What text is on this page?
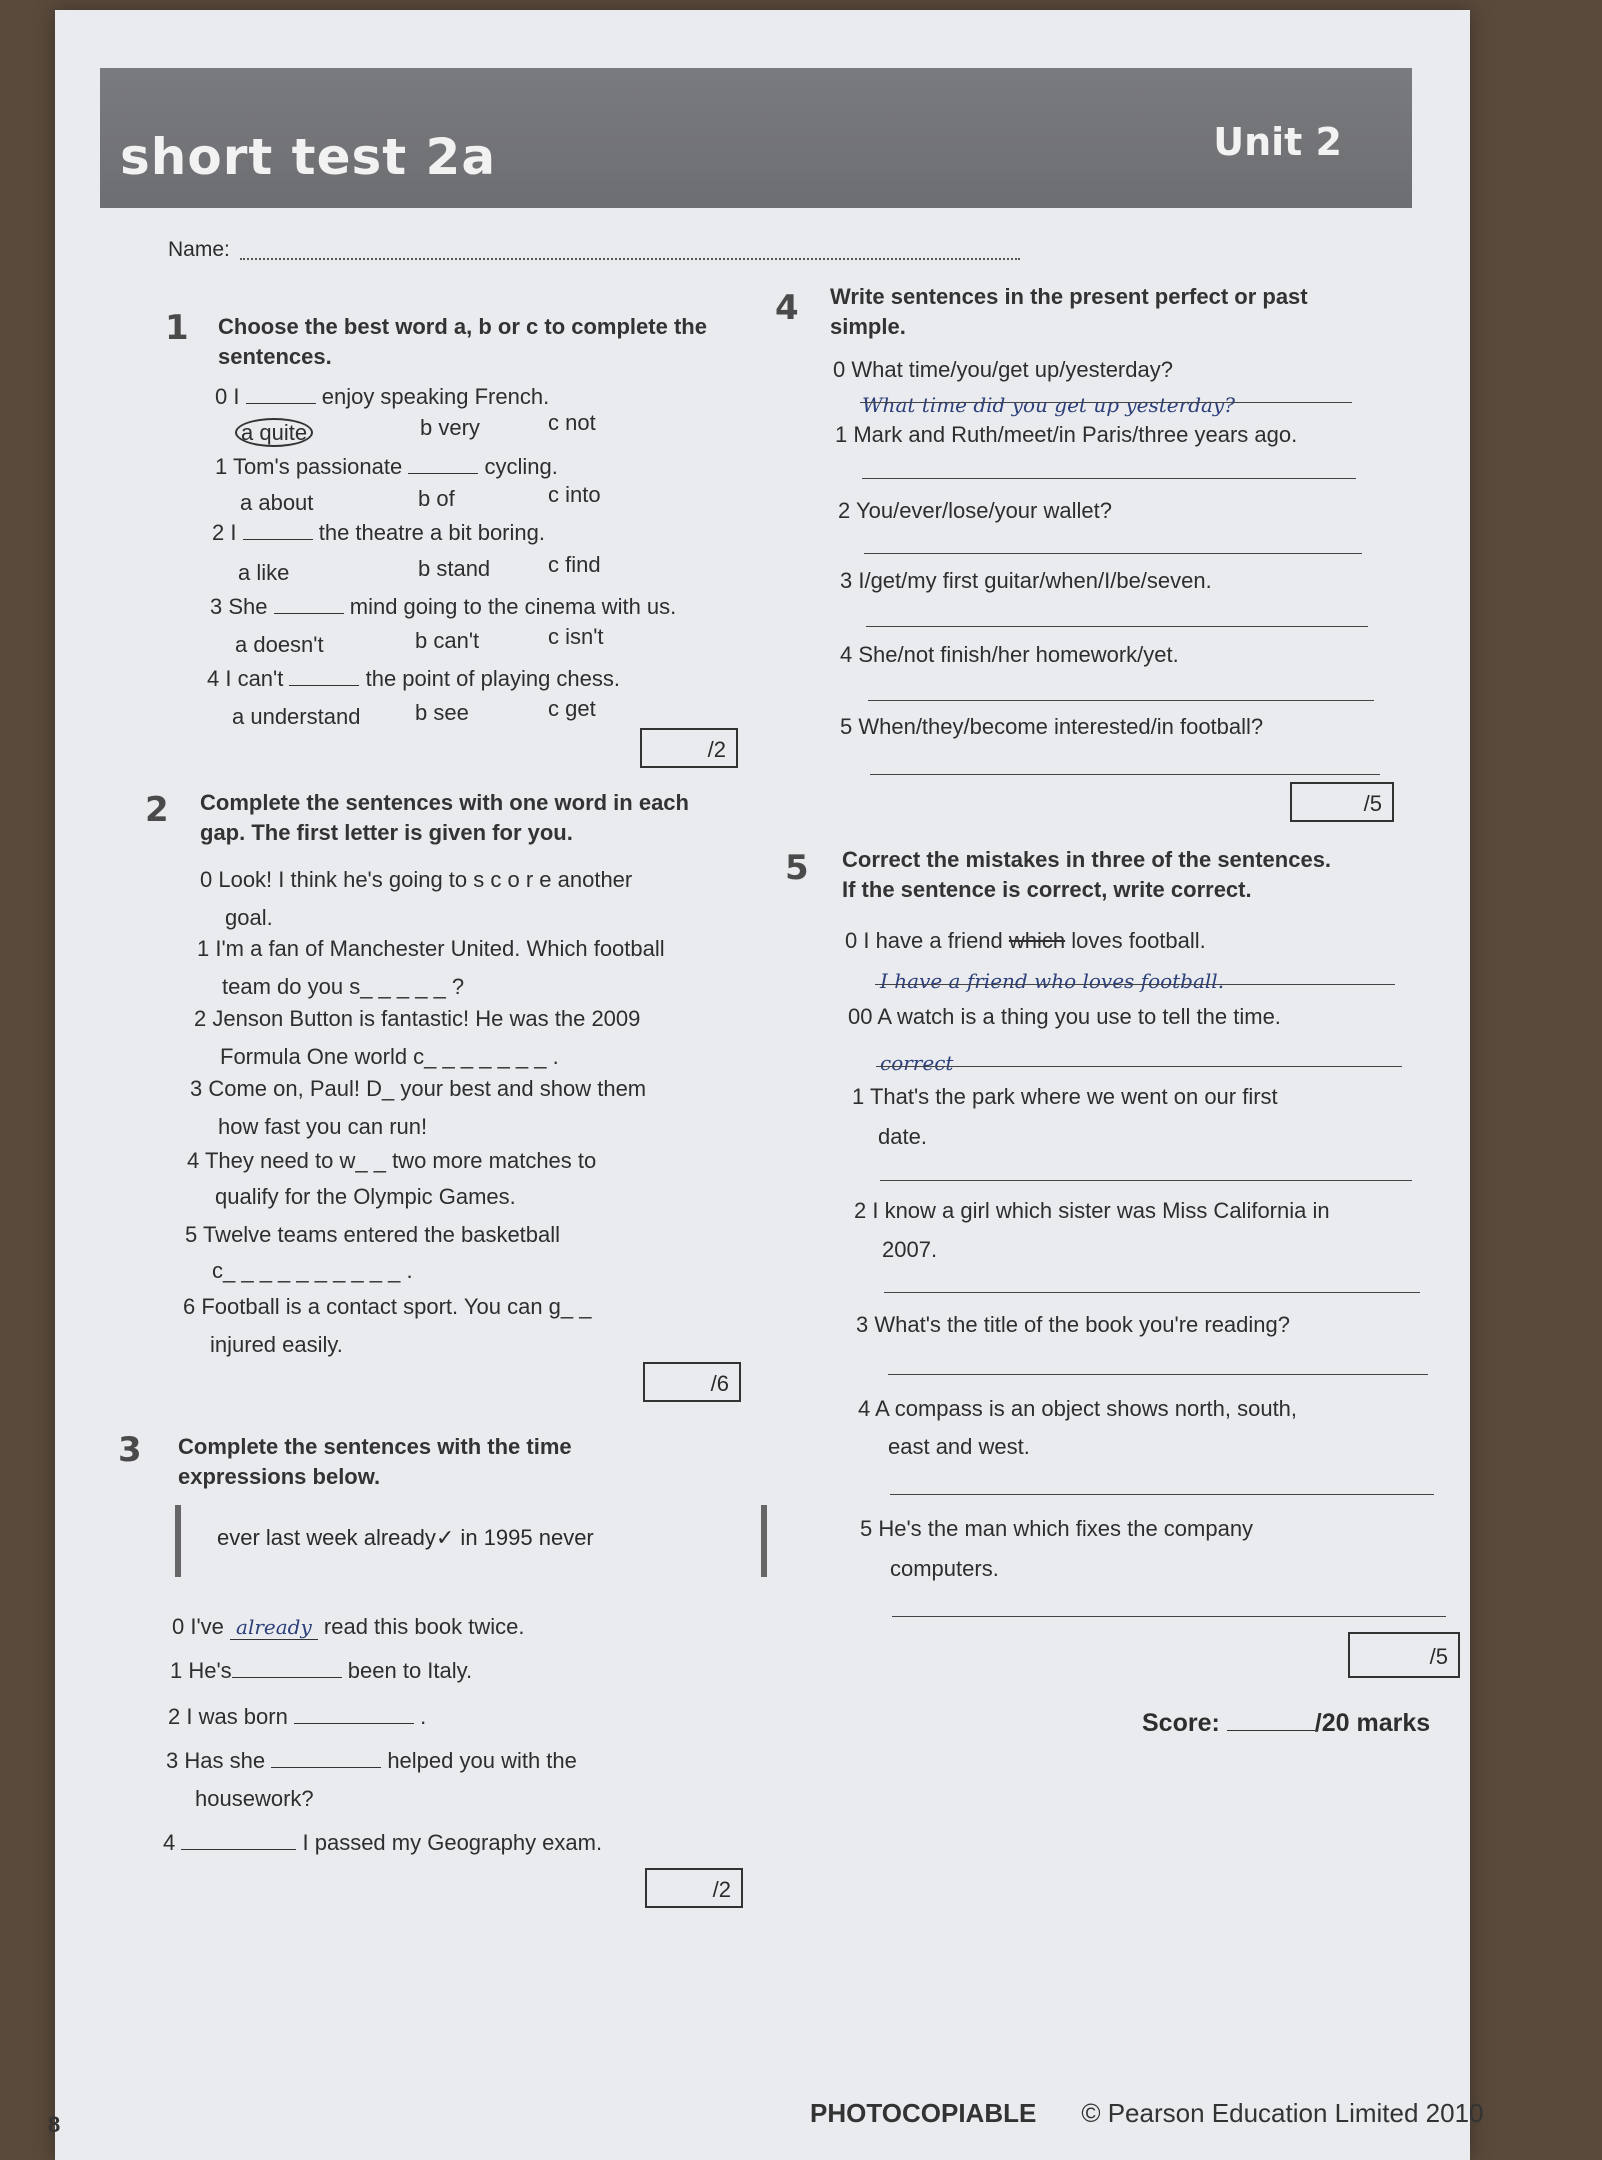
short test 2a	Unit 2
Name:
1 Choose the best word a, b or c to complete the
sentences.
0 I	enjoy speaking French.
a quite	b very	c not
1 Tom's passionate	cycling.
a about	b of	c into
2 I	the theatre a bit boring.
a like	b stand	c find
3 She	mind going to the cinema with us.
a doesn't	b can't	c isn't
4 I can't	the point of playing chess.
a understand b see	c get
/2
2 Complete the sentences with one word in each
gap. The first letter is given for you.
0 Look! I think he's going to s c o r e another
goal.
1 I'm a fan of Manchester United. Which football
team do you s_ _ _ _ _ ?
2 Jenson Button is fantastic! He was the 2009
Formula One world c_ _ _ _ _ _ _ .
3 Come on, Paul! D_ your best and show them
how fast you can run!
4 They need to w_ _ two more matches to
qualify for the Olympic Games.
5 Twelve teams entered the basketball
c_ _ _ _ _ _ _ _ _ _ .
6 Football is a contact sport. You can g_ _
injured easily.
/6
3 Complete the sentences with the time
expressions below.
ever last week already✓ in 1995 never
0 I've already read this book twice.
1 He's	been to Italy.
2 I was born	.
3 Has she	helped you with the
housework?
4	I passed my Geography exam.
/2
4 Write sentences in the present perfect or past
simple.
0 What time/you/get up/yesterday?
What time did you get up yesterday?
1 Mark and Ruth/meet/in Paris/three years ago.
2 You/ever/lose/your wallet?
3 I/get/my first guitar/when/I/be/seven.
4 She/not finish/her homework/yet.
5 When/they/become interested/in football?
/5
5 Correct the mistakes in three of the sentences.
If the sentence is correct, write correct.
0 I have a friend which loves football.
I have a friend who loves football.
00 A watch is a thing you use to tell the time.
correct
1 That's the park where we went on our first
date.
2 I know a girl which sister was Miss California in
2007.
3 What's the title of the book you're reading?
4 A compass is an object shows north, south,
east and west.
5 He's the man which fixes the company
computers.
/5
Score:	/20 marks
8	PHOTOCOPIABLE © Pearson Education Limited 2010
